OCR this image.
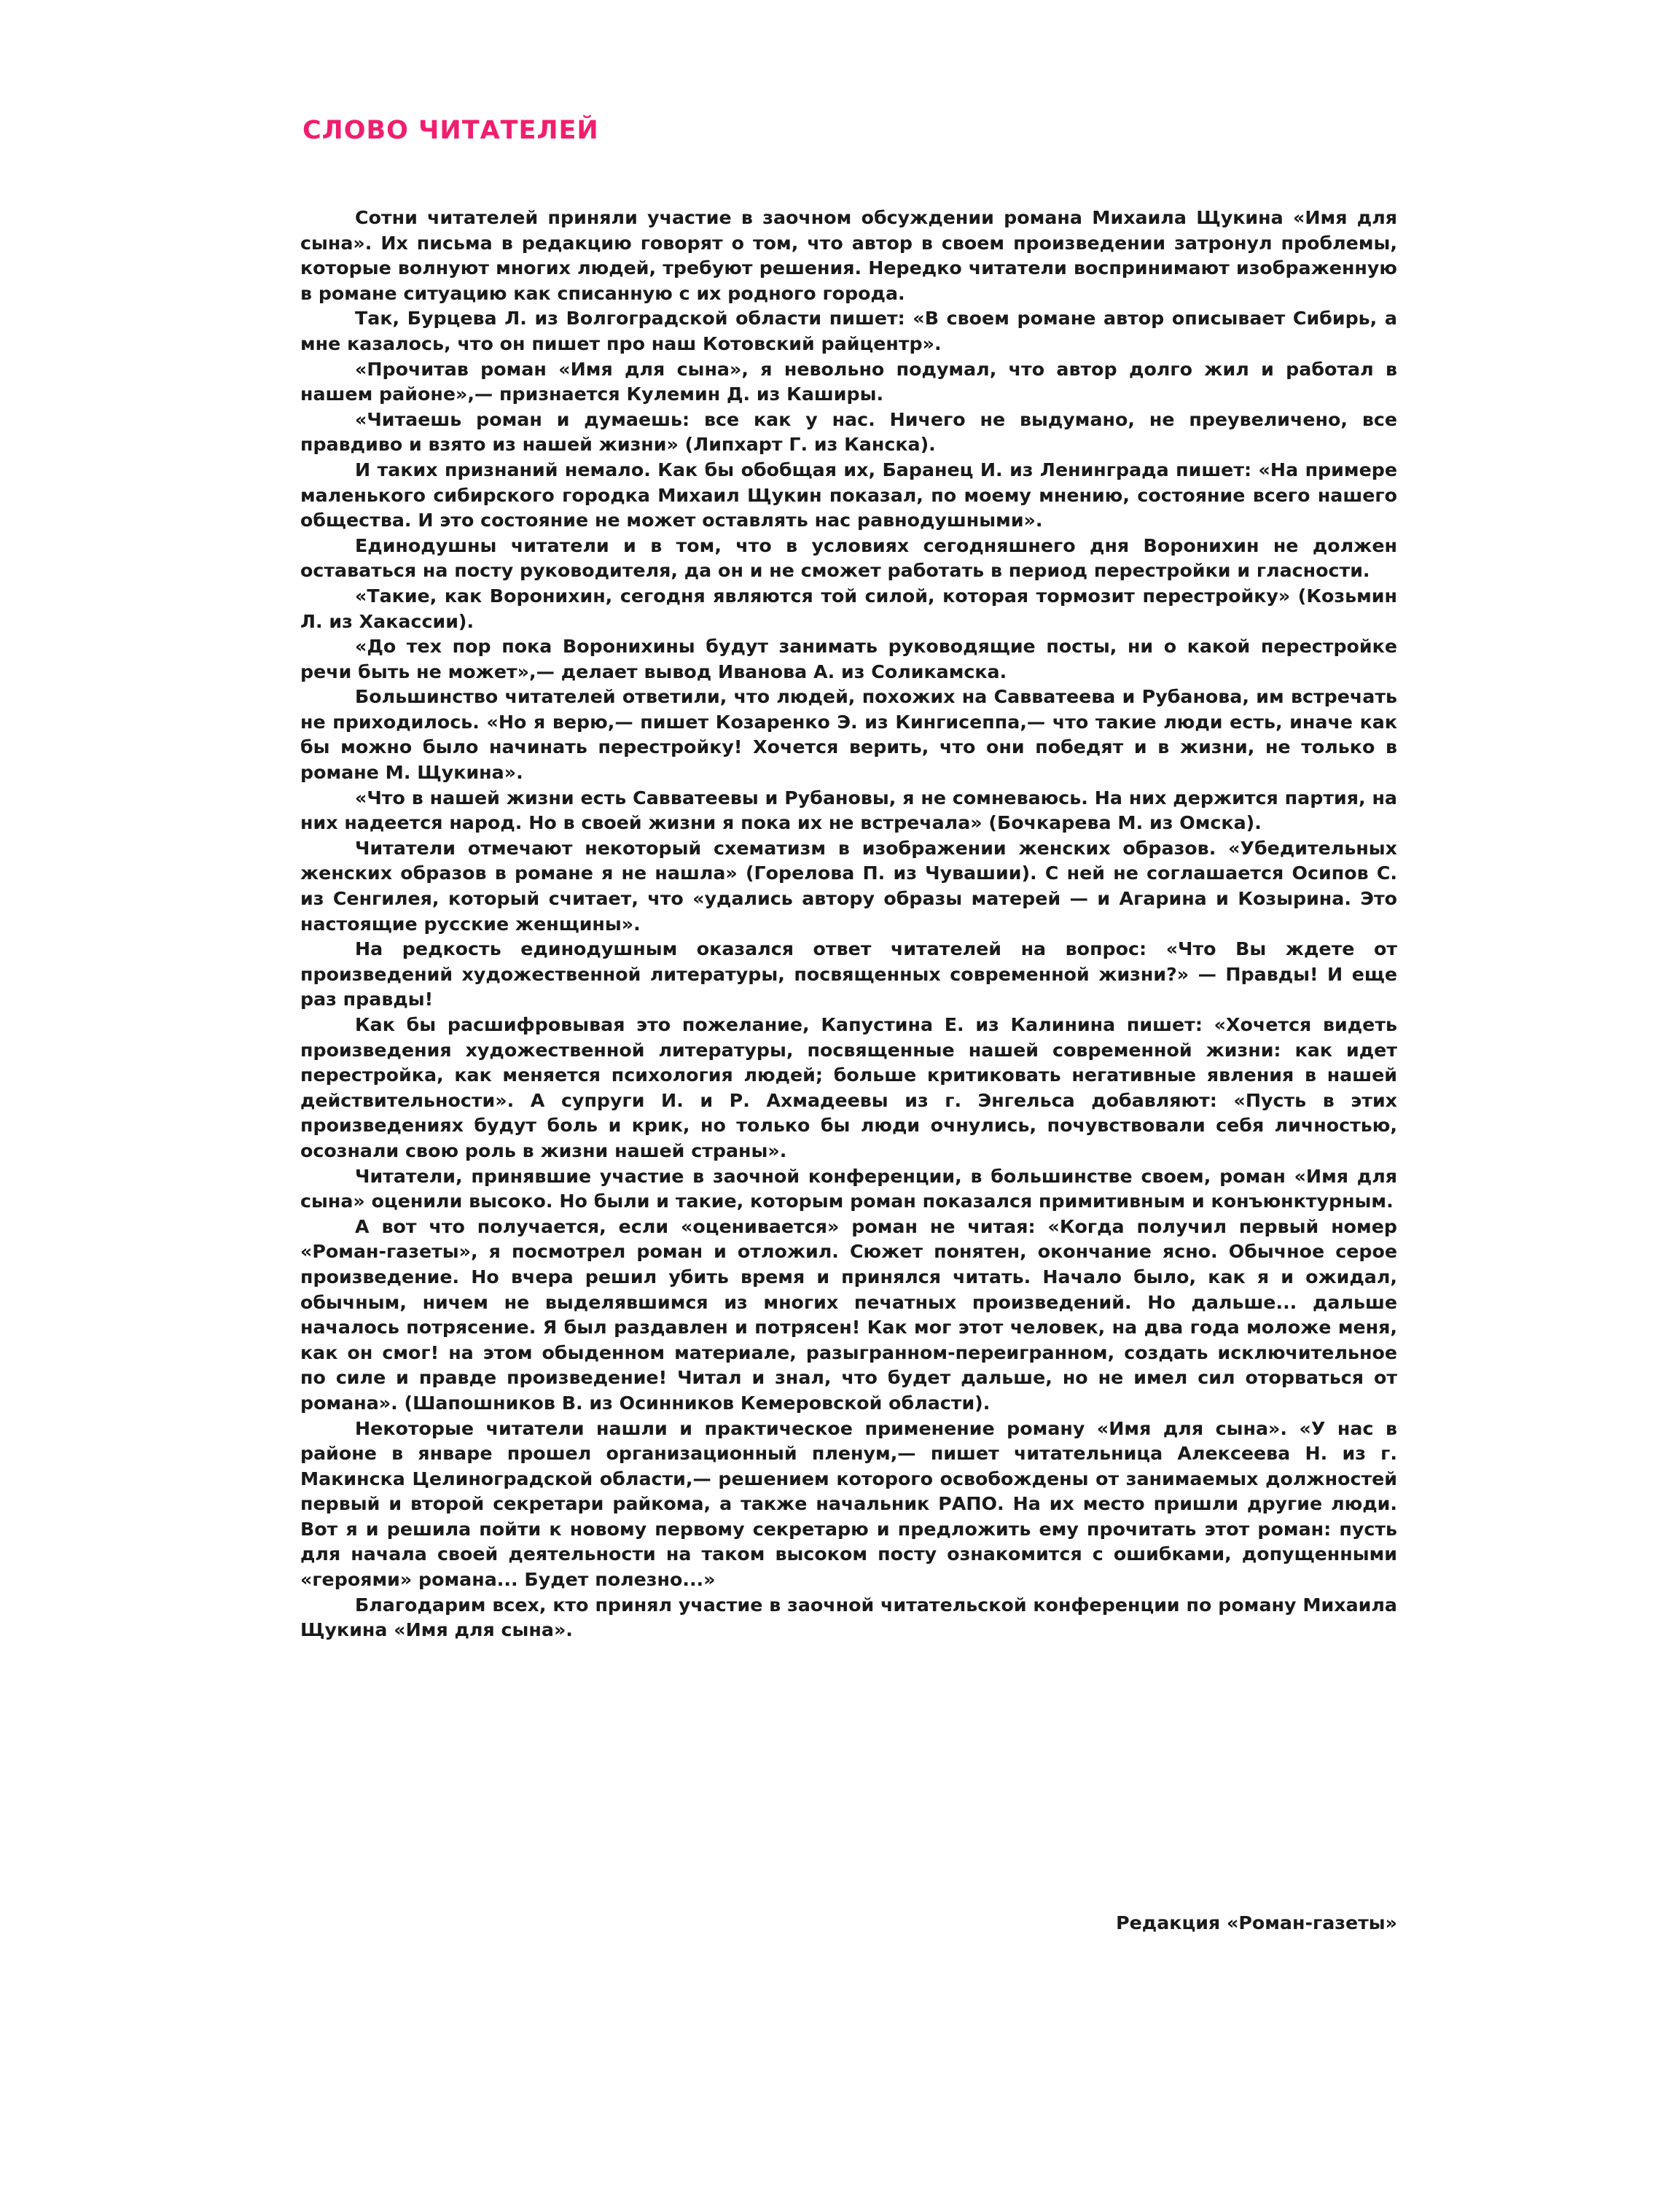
СЛОВО ЧИТАТЕЛЕЙ

Сотни читателей приняли участие в заочном обсуждении романа Михаила Щукина «Имя для сына». Их письма в редакцию говорят о том, что автор в своем произведении затронул проблемы, которые волнуют многих людей, требуют решения. Нередко читатели воспринимают изображенную в романе ситуацию как списанную с их родного города.

Так, Бурцева Л. из Волгоградской области пишет: «В своем романе автор описывает Сибирь, а мне казалось, что он пишет про наш Котовский райцентр».

«Прочитав роман «Имя для сына», я невольно подумал, что автор долго жил и работал в нашем районе»,— признается Кулемин Д. из Каширы.

«Читаешь роман и думаешь: все как у нас. Ничего не выдумано, не преувеличено, все правдиво и взято из нашей жизни» (Липхарт Г. из Канска).

И таких признаний немало. Как бы обобщая их, Баранец И. из Ленинграда пишет: «На примере маленького сибирского городка Михаил Щукин показал, по моему мнению, состояние всего нашего общества. И это состояние не может оставлять нас равнодушными».

Единодушны читатели и в том, что в условиях сегодняшнего дня Воронихин не должен оставаться на посту руководителя, да он и не сможет работать в период перестройки и гласности.

«Такие, как Воронихин, сегодня являются той силой, которая тормозит перестройку» (Козьмин Л. из Хакассии).

«До тех пор пока Воронихины будут занимать руководящие посты, ни о какой перестройке речи быть не может»,— делает вывод Иванова А. из Соликамска.

Большинство читателей ответили, что людей, похожих на Савватеева и Рубанова, им встречать не приходилось. «Но я верю,— пишет Козаренко Э. из Кингисеппа,— что такие люди есть, иначе как бы можно было начинать перестройку! Хочется верить, что они победят и в жизни, не только в романе М. Щукина».

«Что в нашей жизни есть Савватеевы и Рубановы, я не сомневаюсь. На них держится партия, на них надеется народ. Но в своей жизни я пока их не встречала» (Бочкарева М. из Омска).

Читатели отмечают некоторый схематизм в изображении женских образов. «Убедительных женских образов в романе я не нашла» (Горелова П. из Чувашии). С ней не соглашается Осипов С. из Сенгилея, который считает, что «удались автору образы матерей — и Агарина и Козырина. Это настоящие русские женщины».

На редкость единодушным оказался ответ читателей на вопрос: «Что Вы ждете от произведений художественной литературы, посвященных современной жизни?» — Правды! И еще раз правды!

Как бы расшифровывая это пожелание, Капустина Е. из Калинина пишет: «Хочется видеть произведения художественной литературы, посвященные нашей современной жизни: как идет перестройка, как меняется психология людей; больше критиковать негативные явления в нашей действительности». А супруги И. и Р. Ахмадеевы из г. Энгельса добавляют: «Пусть в этих произведениях будут боль и крик, но только бы люди очнулись, почувствовали себя личностью, осознали свою роль в жизни нашей страны».

Читатели, принявшие участие в заочной конференции, в большинстве своем, роман «Имя для сына» оценили высоко. Но были и такие, которым роман показался примитивным и конъюнктурным.

А вот что получается, если «оценивается» роман не читая: «Когда получил первый номер «Роман-газеты», я посмотрел роман и отложил. Сюжет понятен, окончание ясно. Обычное серое произведение. Но вчера решил убить время и принялся читать. Начало было, как я и ожидал, обычным, ничем не выделявшимся из многих печатных произведений. Но дальше... дальше началось потрясение. Я был раздавлен и потрясен! Как мог этот человек, на два года моложе меня, как он смог! на этом обыденном материале, разыгранном-переигранном, создать исключительное по силе и правде произведение! Читал и знал, что будет дальше, но не имел сил оторваться от романа». (Шапошников В. из Осинников Кемеровской области).

Некоторые читатели нашли и практическое применение роману «Имя для сына». «У нас в районе в январе прошел организационный пленум,— пишет читательница Алексеева Н. из г. Макинска Целиноградской области,— решением которого освобождены от занимаемых должностей первый и второй секретари райкома, а также начальник РАПО. На их место пришли другие люди. Вот я и решила пойти к новому первому секретарю и предложить ему прочитать этот роман: пусть для начала своей деятельности на таком высоком посту ознакомится с ошибками, допущенными «героями» романа... Будет полезно...»

Благодарим всех, кто принял участие в заочной читательской конференции по роману Михаила Щукина «Имя для сына».

Редакция «Роман-газеты»
